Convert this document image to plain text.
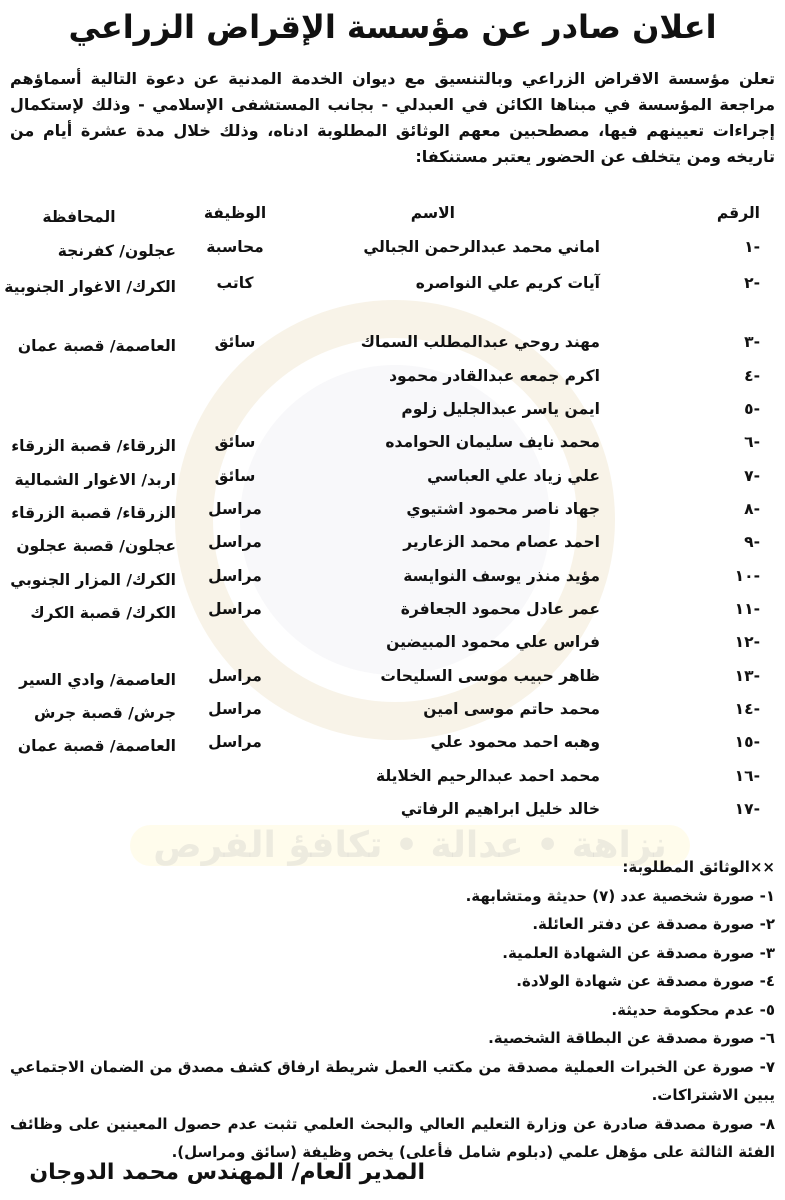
نزاهة • عدالة • تكافؤ الفرص
اعلان صادر عن مؤسسة الإقراض الزراعي
تعلن مؤسسة الاقراض الزراعي وبالتنسيق مع ديوان الخدمة المدنية عن دعوة التالية أسماؤهم مراجعة المؤسسة في مبناها الكائن في العبدلي - بجانب المستشفى الإسلامي - وذلك لإستكمال إجراءات تعيينهم فيها، مصطحبين معهم الوثائق المطلوبة ادناه، وذلك خلال مدة عشرة أيام من تاريخه ومن يتخلف عن الحضور يعتبر مستنكفا:
الرقم
الاسم
الوظيفة
المحافظة
-١
اماني محمد عبدالرحمن الجبالي
محاسبة
عجلون/ كفرنجة
-٢
آيات كريم علي النواصره
كاتب
الكرك/ الاغوار الجنوبية
-٣
مهند روحي عبدالمطلب السماك
سائق
العاصمة/ قصبة عمان
-٤
اكرم جمعه عبدالقادر محمود
-٥
ايمن ياسر عبدالجليل زلوم
-٦
محمد نايف سليمان الحوامده
سائق
الزرقاء/ قصبة الزرقاء
-٧
علي زياد علي العباسي
سائق
اربد/ الاغوار الشمالية
-٨
جهاد ناصر محمود اشتيوي
مراسل
الزرقاء/ قصبة الزرقاء
-٩
احمد عصام محمد الزعارير
مراسل
عجلون/ قصبة عجلون
-١٠
مؤيد منذر يوسف النوايسة
مراسل
الكرك/ المزار الجنوبي
-١١
عمر عادل محمود الجعافرة
مراسل
الكرك/ قصبة الكرك
-١٢
فراس علي محمود المبيضين
-١٣
ظاهر حبيب موسى السليحات
مراسل
العاصمة/ وادي السير
-١٤
محمد حاتم موسى امين
مراسل
جرش/ قصبة جرش
-١٥
وهبه احمد محمود علي
مراسل
العاصمة/ قصبة عمان
-١٦
محمد احمد عبدالرحيم الخلايلة
-١٧
خالد خليل ابراهيم الرفاتي
××الوثائق المطلوبة:
١- صورة شخصية عدد (٧) حديثة ومتشابهة.
٢- صورة مصدقة عن دفتر العائلة.
٣- صورة مصدقة عن الشهادة العلمية.
٤- صورة مصدقة عن شهادة الولادة.
٥- عدم محكومة حديثة.
٦- صورة مصدقة عن البطاقة الشخصية.
٧- صورة عن الخبرات العملية مصدقة من مكتب العمل شريطة ارفاق كشف مصدق من الضمان الاجتماعي يبين الاشتراكات.
٨- صورة مصدقة صادرة عن وزارة التعليم العالي والبحث العلمي تثبت عدم حصول المعينين على وظائف الفئة الثالثة على مؤهل علمي (دبلوم شامل فأعلى) يخص وظيفة (سائق ومراسل).
المدير العام/ المهندس محمد الدوجان
